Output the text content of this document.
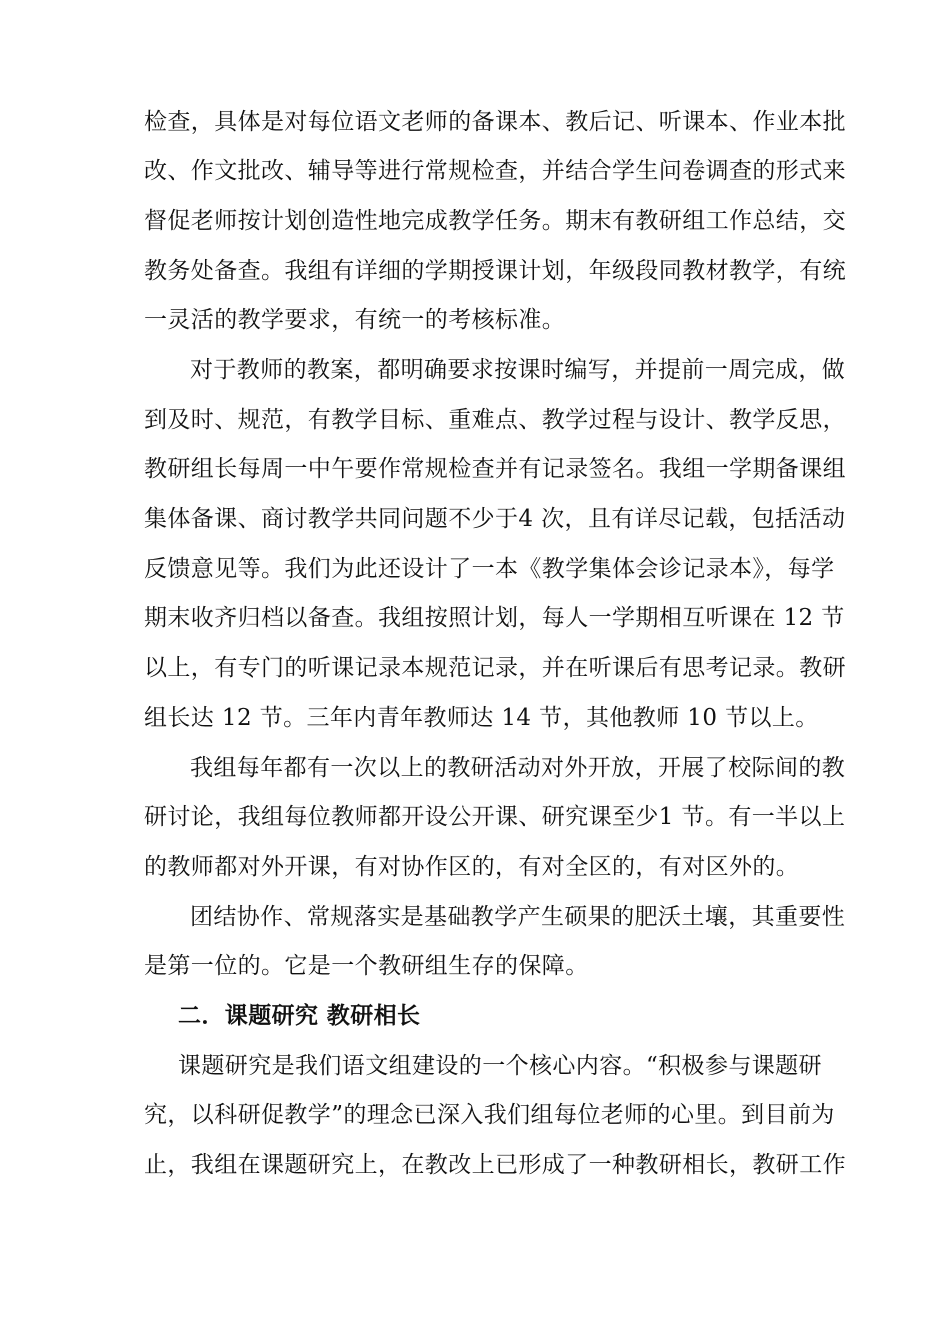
检查，具体是对每位语文老师的备课本、教后记、听课本、作业本批
改、作文批改、辅导等进行常规检查，并结合学生问卷调查的形式来
督促老师按计划创造性地完成教学任务。期末有教研组工作总结，交
教务处备查。我组有详细的学期授课计划，年级段同教材教学，有统
一灵活的教学要求，有统一的考核标准。
对于教师的教案，都明确要求按课时编写，并提前一周完成，做
到及时、规范，有教学目标、重难点、教学过程与设计、教学反思，
教研组长每周一中午要作常规检查并有记录签名。我组一学期备课组
集体备课、商讨教学共同问题不少于4 次，且有详尽记载，包括活动
反馈意见等。我们为此还设计了一本《教学集体会诊记录本》，每学
期末收齐归档以备查。我组按照计划，每人一学期相互听课在 12 节
以上，有专门的听课记录本规范记录，并在听课后有思考记录。教研
组长达 12 节。三年内青年教师达 14 节，其他教师 10 节以上。
我组每年都有一次以上的教研活动对外开放，开展了校际间的教
研讨论，我组每位教师都开设公开课、研究课至少1 节。有一半以上
的教师都对外开课，有对协作区的，有对全区的，有对区外的。
团结协作、常规落实是基础教学产生硕果的肥沃土壤，其重要性
是第一位的。它是一个教研组生存的保障。
二．课题研究 教研相长
课题研究是我们语文组建设的一个核心内容。“积极参与课题研
究，以科研促教学”的理念已深入我们组每位老师的心里。到目前为
止，我组在课题研究上，在教改上已形成了一种教研相长，教研工作
